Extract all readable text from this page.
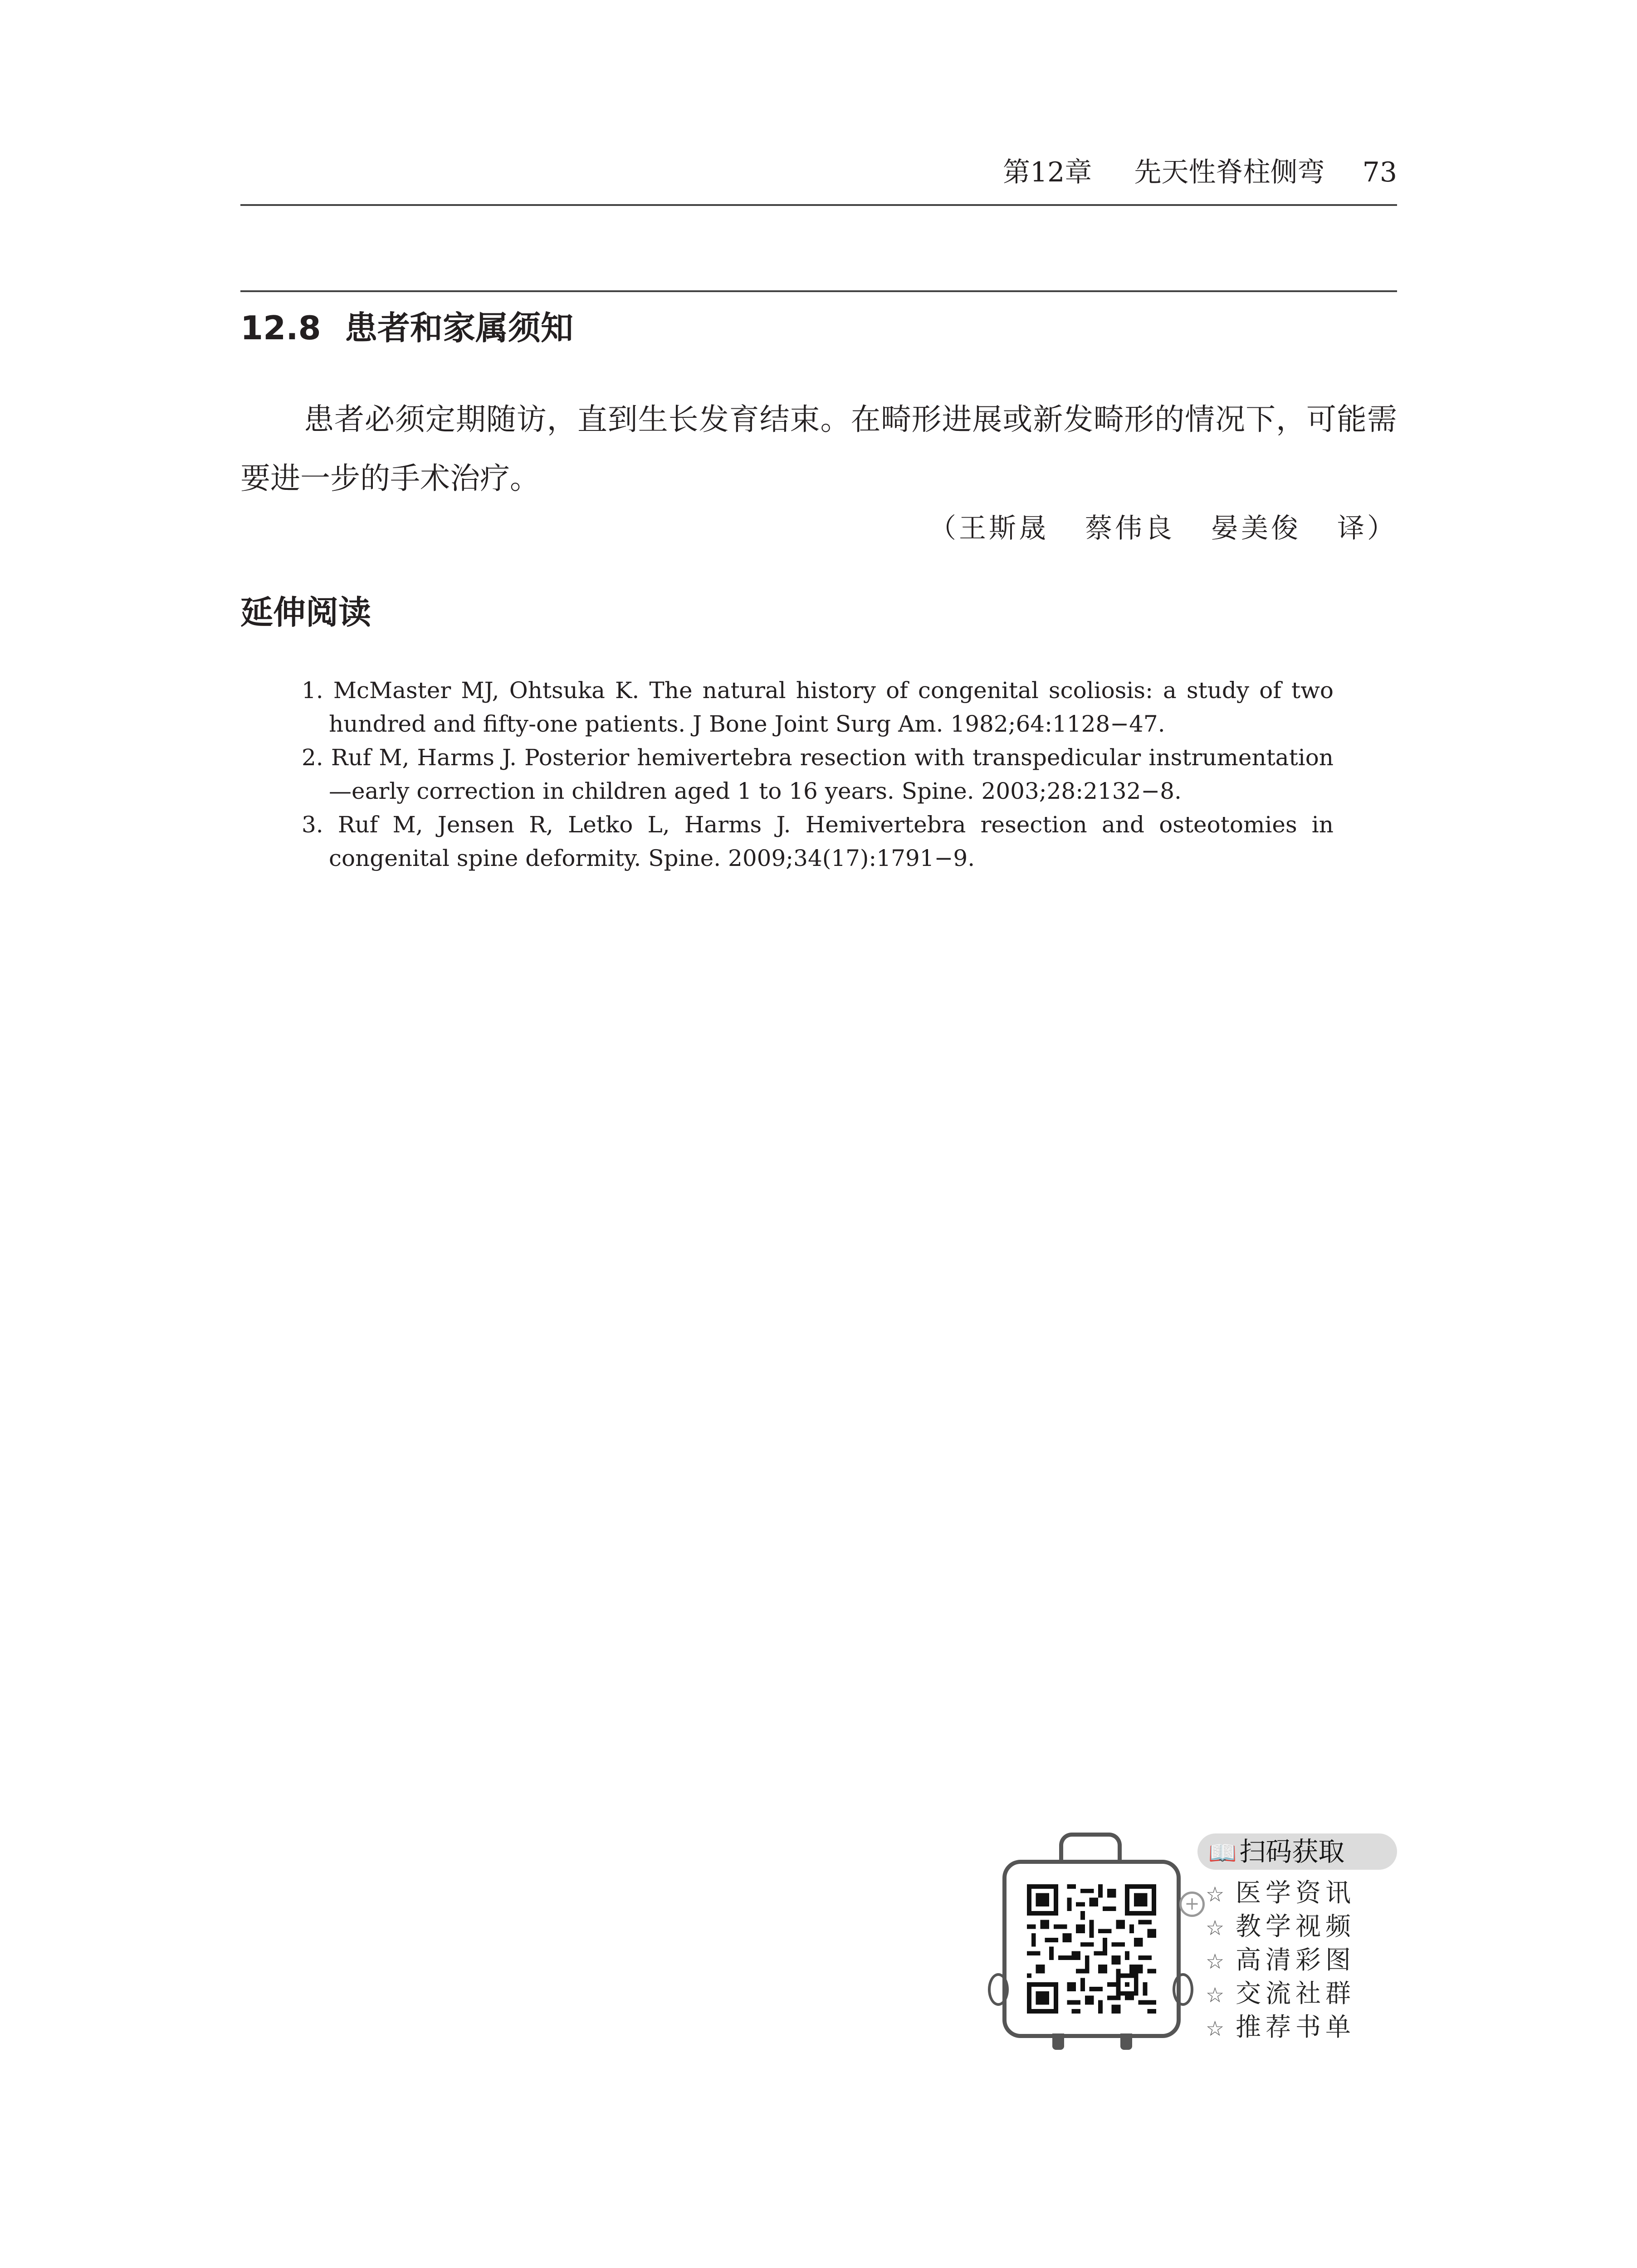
第12章 先天性脊柱侧弯 73
12.8 患者和家属须知

患者必须定期随访，直到生长发育结束。在畸形进展或新发畸形的情况下，可能需要进一步的手术治疗。

（王斯晟 蔡伟良 晏美俊 译）
延伸阅读
1. McMaster MJ, Ohtsuka K. The natural history of congenital scoliosis: a study of two hundred and fifty-one patients. J Bone Joint Surg Am. 1982;64:1128−47.
2. Ruf M, Harms J. Posterior hemivertebra resection with transpedicular instrumentation—early correction in children aged 1 to 16 years. Spine. 2003;28:2132−8.
3. Ruf M, Jensen R, Letko L, Harms J. Hemivertebra resection and osteotomies in congenital spine deformity. Spine. 2009;34(17):1791−9.
+
📖 扫码获取
☆ 医学资讯
☆ 教学视频
☆ 高清彩图
☆ 交流社群
☆ 推荐书单
